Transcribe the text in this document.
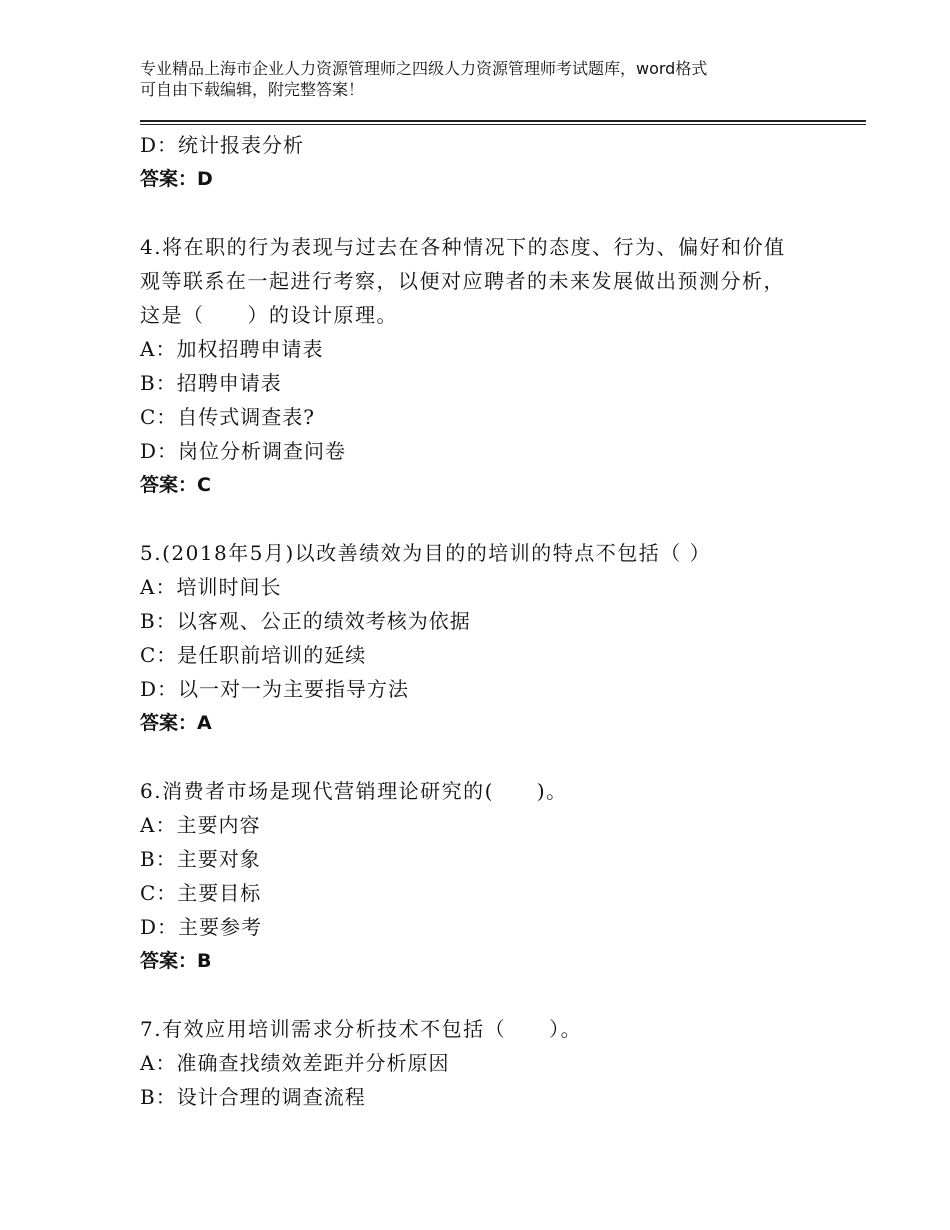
专业精品上海市企业人力资源管理师之四级人力资源管理师考试题库，word格式
可自由下载编辑，附完整答案！
D：统计报表分析
答案：D
4.将在职的行为表现与过去在各种情况下的态度、行为、偏好和价值
观等联系在一起进行考察，以便对应聘者的未来发展做出预测分析，
这是（　　）的设计原理。
A：加权招聘申请表
B：招聘申请表
C：自传式调查表?
D：岗位分析调查问卷
答案：C
5.(2018年5月)以改善绩效为目的的培训的特点不包括（ ）
A：培训时间长
B：以客观、公正的绩效考核为依据
C：是任职前培训的延续
D：以一对一为主要指导方法
答案：A
6.消费者市场是现代营销理论研究的(　　)。
A：主要内容
B：主要对象
C：主要目标
D：主要参考
答案：B
7.有效应用培训需求分析技术不包括（　　）。
A：准确查找绩效差距并分析原因
B：设计合理的调查流程
